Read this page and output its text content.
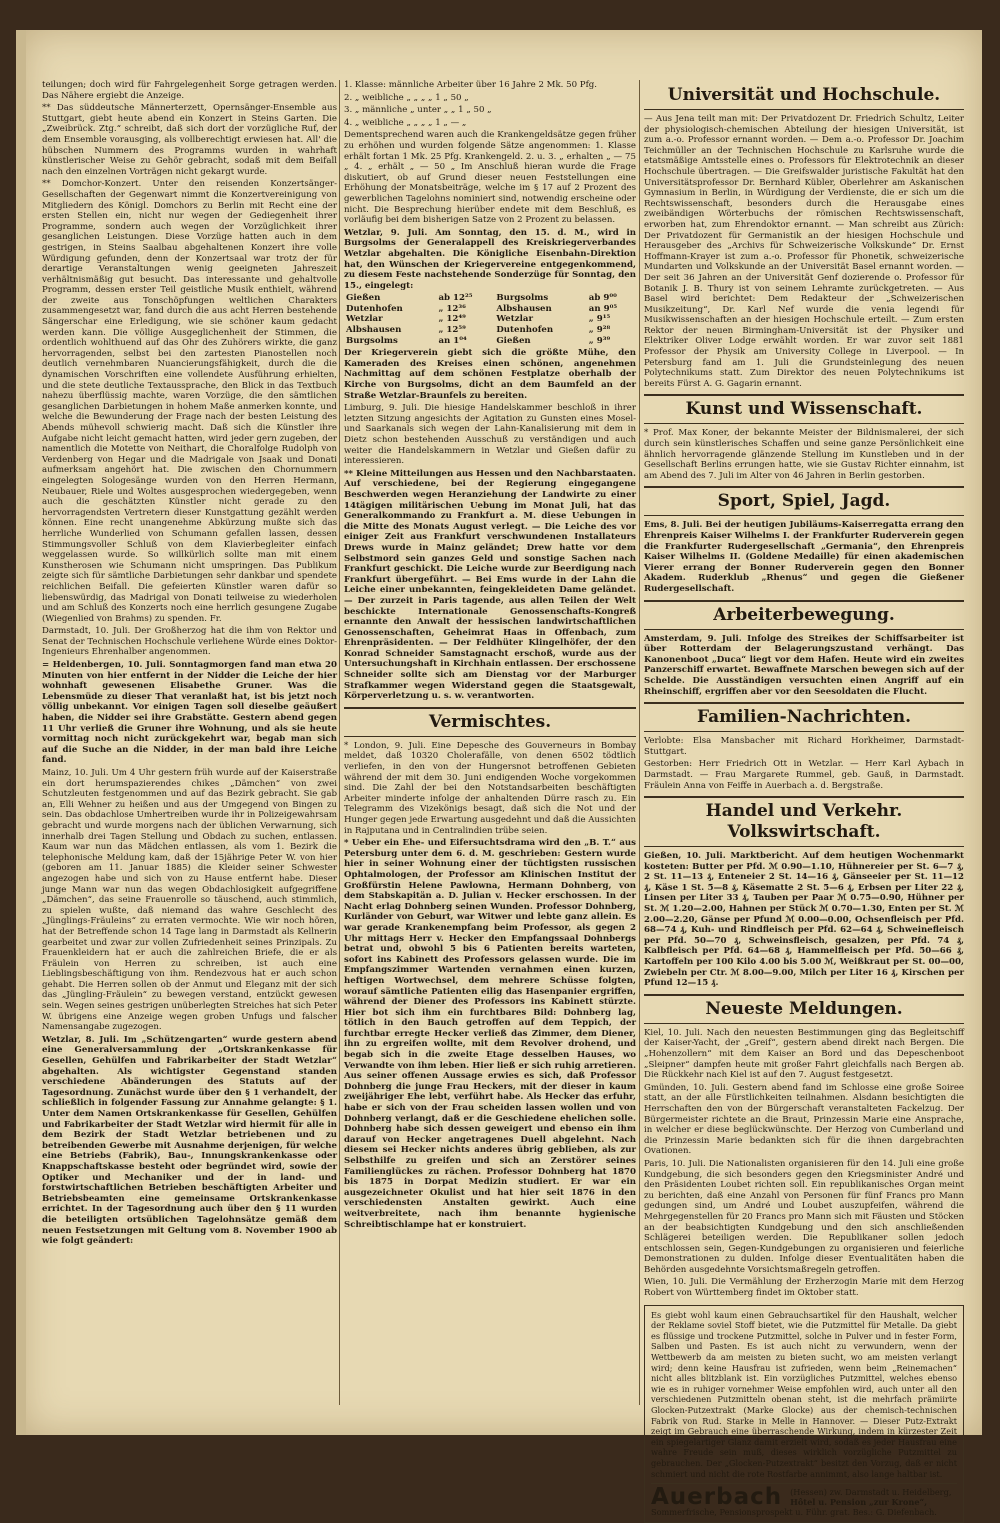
teilungen; doch wird für Fahrgelegenheit Sorge getragen werden. Das Nähere ergiebt die Anzeige.

** Das süddeutsche Männerterzett, Opernsänger-Ensemble aus Stuttgart, giebt heute abend ein Konzert in Steins Garten. Die „Zweibrück. Ztg.“ schreibt, daß sich dort der vorzügliche Ruf, der dem Ensemble vorausging, als vollberechtigt erwiesen hat. All' die hübschen Nummern des Programms wurden in wahrhaft künstlerischer Weise zu Gehör gebracht, sodaß mit dem Beifall nach den einzelnen Vorträgen nicht gekargt wurde.

** Domchor-Konzert. Unter den reisenden Konzertsänger-Gesellschaften der Gegenwart nimmt die Konzertvereinigung von Mitgliedern des Königl. Domchors zu Berlin mit Recht eine der ersten Stellen ein, nicht nur wegen der Gediegenheit ihrer Programme, sondern auch wegen der Vorzüglichkeit ihrer gesanglichen Leistungen. Diese Vorzüge hatten auch in dem gestrigen, in Steins Saalbau abgehaltenen Konzert ihre volle Würdigung gefunden, denn der Konzertsaal war trotz der für derartige Veranstaltungen wenig geeigneten Jahreszeit verhältnismäßig gut besucht. Das interessante und gehaltvolle Programm, dessen erster Teil geistliche Musik enthielt, während der zweite aus Tonschöpfungen weltlichen Charakters zusammengesetzt war, fand durch die aus acht Herren bestehende Sängerschar eine Erledigung, wie sie schöner kaum gedacht werden kann. Die völlige Ausgeglichenheit der Stimmen, die ordentlich wohlthuend auf das Ohr des Zuhörers wirkte, die ganz hervorragenden, selbst bei den zartesten Pianostellen noch deutlich vernehmbaren Nuancierungsfähigkeit, durch die die dynamischen Vorschriften eine vollendete Ausführung erhielten, und die stete deutliche Textaussprache, den Blick in das Textbuch nahezu überflüssig machte, waren Vorzüge, die den sämtlichen gesanglichen Darbietungen in hohem Maße anmerken konnte, und welche die Bewunderung der Frage nach der besten Leistung des Abends mühevoll schwierig macht. Daß sich die Künstler ihre Aufgabe nicht leicht gemacht hatten, wird jeder gern zugeben, der namentlich die Motette von Neithart, die Choralfolge Rudolph von Verdenberg von Hegar und die Madrigale von Jsaak und Donati aufmerksam angehört hat. Die zwischen den Chornummern eingelegten Sologesänge wurden von den Herren Hermann, Neubauer, Riele und Woltes ausgesprochen wiedergegeben, wenn auch die geschätzten Künstler nicht gerade zu den hervorragendsten Vertretern dieser Kunstgattung gezählt werden können. Eine recht unangenehme Abkürzung mußte sich das herrliche Wunderlied von Schumann gefallen lassen, dessen Stimmungsvoller Schluß von dem Klavierbegleiter einfach weggelassen wurde. So willkürlich sollte man mit einem Kunstherosen wie Schumann nicht umspringen. Das Publikum zeigte sich für sämtliche Darbietungen sehr dankbar und spendete reichlichen Beifall. Die gefeierten Künstler waren dafür so liebenswürdig, das Madrigal von Donati teilweise zu wiederholen und am Schluß des Konzerts noch eine herrlich gesungene Zugabe (Wiegenlied von Brahms) zu spenden. Fr.

Darmstadt, 10. Juli. Der Großherzog hat die ihm von Rektor und Senat der Technischen Hochschule verliehene Würde eines Doktor-Ingenieurs Ehrenhalber angenommen.

= Heldenbergen, 10. Juli. Sonntagmorgen fand man etwa 20 Minuten von hier entfernt in der Nidder die Leiche der hier wohnhaft gewesenen Elisabethe Gruner. Was die Lebensmüde zu dieser That veranlaßt hat, ist bis jetzt noch völlig unbekannt. Vor einigen Tagen soll dieselbe geäußert haben, die Nidder sei ihre Grabstätte. Gestern abend gegen 11 Uhr verließ die Gruner ihre Wohnung, und als sie heute vormittag noch nicht zurückgekehrt war, begab man sich auf die Suche an die Nidder, in der man bald ihre Leiche fand.

Mainz, 10. Juli. Um 4 Uhr gestern früh wurde auf der Kaiserstraße ein dort herumspazierendes chikes „Dämchen“ von zwei Schutzleuten festgenommen und auf das Bezirk gebracht. Sie gab an, Elli Wehner zu heißen und aus der Umgegend von Bingen zu sein. Das obdachlose Umhertreiben wurde ihr in Polizeigewahrsam gebracht und wurde morgens nach der üblichen Verwarnung, sich innerhalb drei Tagen Stellung und Obdach zu suchen, entlassen. Kaum war nun das Mädchen entlassen, als vom 1. Bezirk die telephonische Meldung kam, daß der 15jährige Peter W. von hier (geboren am 11. Januar 1885) die Kleider seiner Schwester angezogen habe und sich von zu Hause entfernt habe. Dieser junge Mann war nun das wegen Obdachlosigkeit aufgegriffene „Dämchen“, das seine Frauenrolle so täuschend, auch stimmlich, zu spielen wußte, daß niemand das wahre Geschlecht des „Jünglings-Fräuleins“ zu erraten vermochte. Wie wir noch hören, hat der Betreffende schon 14 Tage lang in Darmstadt als Kellnerin gearbeitet und zwar zur vollen Zufriedenheit seines Prinzipals. Zu Frauenkleidern hat er auch die zahlreichen Briefe, die er als Fräulein von Herren zu schreiben, ist auch eine Lieblingsbeschäftigung von ihm. Rendezvous hat er auch schon gehabt. Die Herren sollen ob der Anmut und Eleganz mit der sich das „Jüngling-Fräulein“ zu bewegen verstand, entzückt gewesen sein. Wegen seines gestrigen unüberlegten Streiches hat sich Peter W. übrigens eine Anzeige wegen groben Unfugs und falscher Namensangabe zugezogen.

Wetzlar, 8. Juli. Im „Schützengarten“ wurde gestern abend eine Generalversammlung der „Ortskrankenkasse für Gesellen, Gehülfen und Fabrikarbeiter der Stadt Wetzlar“ abgehalten. Als wichtigster Gegenstand standen verschiedene Abänderungen des Statuts auf der Tagesordnung. Zunächst wurde über den § 1 verhandelt, der schließlich in folgender Fassung zur Annahme gelangte: § 1. Unter dem Namen Ortskrankenkasse für Gesellen, Gehülfen und Fabrikarbeiter der Stadt Wetzlar wird hiermit für alle in dem Bezirk der Stadt Wetzlar betriebenen und zu betreibenden Gewerbe mit Ausnahme derjenigen, für welche eine Betriebs (Fabrik), Bau-, Innungskrankenkasse oder Knappschaftskasse besteht oder begründet wird, sowie der Optiker und Mechaniker und der in land- und forstwirtschaftlichen Betrieben beschäftigten Arbeiter und Betriebsbeamten eine gemeinsame Ortskrankenkasse errichtet. In der Tagesordnung auch über den § 11 wurden die beteiligten ortsüblichen Tagelohnsätze gemäß dem neuen Festsetzungen mit Geltung vom 8. November 1900 ab wie folgt geändert:

1. Klasse: männliche Arbeiter über 16 Jahre 2 Mk. 50 Pfg.

2. „ weibliche „ „ „ „ 1 „ 50 „

3. „ männliche „ unter „ „ 1 „ 50 „

4. „ weibliche „ „ „ „ 1 „ — „

Dementsprechend waren auch die Krankengeldsätze gegen früher zu erhöhen und wurden folgende Sätze angenommen: 1. Klasse erhält fortan 1 Mk. 25 Pfg. Krankengeld. 2. u. 3. „ erhalten „ — 75 „ 4. „ erhält „ — 50 „ Im Anschluß hieran wurde die Frage diskutiert, ob auf Grund dieser neuen Feststellungen eine Erhöhung der Monatsbeiträge, welche im § 17 auf 2 Prozent des gewerblichen Tagelohns nominiert sind, notwendig erscheine oder nicht. Die Besprechung hierüber endete mit dem Beschluß, es vorläufig bei dem bisherigen Satze von 2 Prozent zu belassen.

Wetzlar, 9. Juli. Am Sonntag, den 15. d. M., wird in Burgsolms der Generalappell des Kreiskriegerverbandes Wetzlar abgehalten. Die Königliche Eisenbahn-Direktion hat, den Wünschen der Kriegervereine entgegenkommend, zu diesem Feste nachstehende Sonderzüge für Sonntag, den 15., eingelegt:

Gießen	ab 12²⁵	Burgsolms	ab 9⁰⁰
Dutenhofen	„ 12³⁶	Albshausen	an 9⁰⁵
Wetzlar	„ 12⁴⁹	Wetzlar	„ 9¹⁵
Albshausen	„ 12⁵⁹	Dutenhofen	„ 9²⁸
Burgsolms	an 1⁰⁴	Gießen	„ 9³⁹

Der Kriegerverein giebt sich die größte Mühe, den Kameraden des Kreises einen schönen, angenehmen Nachmittag auf dem schönen Festplatze oberhalb der Kirche von Burgsolms, dicht an dem Baumfeld an der Straße Wetzlar-Braunfels zu bereiten.

Limburg, 9. Juli. Die hiesige Handelskammer beschloß in ihrer letzten Sitzung angesichts der Agitation zu Gunsten eines Mosel- und Saarkanals sich wegen der Lahn-Kanalisierung mit dem in Dietz schon bestehenden Ausschuß zu verständigen und auch weiter die Handelskammern in Wetzlar und Gießen dafür zu interessieren.

** Kleine Mitteilungen aus Hessen und den Nachbarstaaten. Auf verschiedene, bei der Regierung eingegangene Beschwerden wegen Heranziehung der Landwirte zu einer 14tägigen militärischen Uebung im Monat Juli, hat das Generalkommando zu Frankfurt a. M. diese Uebungen in die Mitte des Monats August verlegt. — Die Leiche des vor einiger Zeit aus Frankfurt verschwundenen Installateurs Drews wurde in Mainz geländet; Drew hatte vor dem Selbstmord sein ganzes Geld und sonstige Sachen nach Frankfurt geschickt. Die Leiche wurde zur Beerdigung nach Frankfurt übergeführt. — Bei Ems wurde in der Lahn die Leiche einer unbekannten, feingekleideten Dame geländet. — Der zurzeit in Paris tagende, aus allen Teilen der Welt beschickte Internationale Genossenschafts-Kongreß ernannte den Anwalt der hessischen landwirtschaftlichen Genossenschaften, Geheimrat Haas in Offenbach, zum Ehrenpräsidenten. — Der Feldhüter Klingelhöfer, der den Konrad Schneider Samstagnacht erschoß, wurde aus der Untersuchungshaft in Kirchhain entlassen. Der erschossene Schneider sollte sich am Dienstag vor der Marburger Strafkammer wegen Widerstand gegen die Staatsgewalt, Körperverletzung u. s. w. verantworten.

Vermischtes.

* London, 9. Juli. Eine Depesche des Gouverneurs in Bombay meldet, daß 10320 Cholerafälle, von denen 6502 tödtlich verliefen, in den von der Hungersnot betroffenen Gebieten während der mit dem 30. Juni endigenden Woche vorgekommen sind. Die Zahl der bei den Notstandsarbeiten beschäftigten Arbeiter minderte infolge der anhaltenden Dürre rasch zu. Ein Telegramm des Vizekönigs besagt, daß sich die Not und der Hunger gegen jede Erwartung ausgedehnt und daß die Aussichten in Rajputana und in Centralindien trübe seien.

* Ueber ein Ehe- und Eifersuchtsdrama wird den „B. T.“ aus Petersburg unter dem 6. d. M. geschrieben: Gestern wurde hier in seiner Wohnung einer der tüchtigsten russischen Ophtalmologen, der Professor am Klinischen Institut der Großfürstin Helene Pawlowna, Hermann Dohnberg, von dem Stabskapitän a. D. Julian v. Hecker erschossen. In der Nacht erlag Dohnberg seinen Wunden. Professor Dohnberg, Kurländer von Geburt, war Witwer und lebte ganz allein. Es war gerade Krankenempfang beim Professor, als gegen 2 Uhr mittags Herr v. Hecker den Empfangssaal Dohnbergs betrat und, obwohl 5 bis 6 Patienten bereits warteten, sofort ins Kabinett des Professors gelassen wurde. Die im Empfangszimmer Wartenden vernahmen einen kurzen, heftigen Wortwechsel, dem mehrere Schüsse folgten, worauf sämtliche Patienten eilig das Hasenpanier ergriffen, während der Diener des Professors ins Kabinett stürzte. Hier bot sich ihm ein furchtbares Bild: Dohnberg lag, tötlich in den Bauch getroffen auf dem Teppich, der furchtbar erregte Hecker verließ das Zimmer, dem Diener, ihn zu ergreifen wollte, mit dem Revolver drohend, und begab sich in die zweite Etage desselben Hauses, wo Verwandte von ihm leben. Hier ließ er sich ruhig arretieren. Aus seiner offenen Aussage erwies es sich, daß Professor Dohnberg die junge Frau Heckers, mit der dieser in kaum zweijähriger Ehe lebt, verführt habe. Als Hecker das erfuhr, habe er sich von der Frau scheiden lassen wollen und von Dohnberg verlangt, daß er die Geschiedene ehelichen solle. Dohnberg habe sich dessen geweigert und ebenso ein ihm darauf von Hecker angetragenes Duell abgelehnt. Nach diesem sei Hecker nichts anderes übrig geblieben, als zur Selbsthilfe zu greifen und sich an Zerstörer seines Familienglückes zu rächen. Professor Dohnberg hat 1870 bis 1875 in Dorpat Medizin studiert. Er war ein ausgezeichneter Okulist und hat hier seit 1876 in den verschiedensten Anstalten gewirkt. Auch eine weitverbreitete, nach ihm benannte hygienische Schreibtischlampe hat er konstruiert.

Universität und Hochschule.

— Aus Jena teilt man mit: Der Privatdozent Dr. Friedrich Schultz, Leiter der physiologisch-chemischen Abteilung der hiesigen Universität, ist zum a.-o. Professor ernannt worden. — Dem a.-o. Professor Dr. Joachim Teichmüller an der Technischen Hochschule zu Karlsruhe wurde die etatsmäßige Amtsstelle eines o. Professors für Elektrotechnik an dieser Hochschule übertragen. — Die Greifswalder juristische Fakultät hat den Universitätsprofessor Dr. Bernhard Kübler, Oberlehrer am Askanischen Gymnasium in Berlin, in Würdigung der Verdienste, die er sich um die Rechtswissenschaft, besonders durch die Herausgabe eines zweibändigen Wörterbuchs der römischen Rechtswissenschaft, erworben hat, zum Ehrendoktor ernannt. — Man schreibt aus Zürich: Der Privatdozent für Germanistik an der hiesigen Hochschule und Herausgeber des „Archivs für Schweizerische Volkskunde“ Dr. Ernst Hoffmann-Krayer ist zum a.-o. Professor für Phonetik, schweizerische Mundarten und Volkskunde an der Universität Basel ernannt worden. — Der seit 36 Jahren an der Universität Genf dozierende o. Professor für Botanik J. B. Thury ist von seinem Lehramte zurückgetreten. — Aus Basel wird berichtet: Dem Redakteur der „Schweizerischen Musikzeitung“, Dr. Karl Nef wurde die venia legendi für Musikwissenschaften an der hiesigen Hochschule erteilt. — Zum ersten Rektor der neuen Birmingham-Universität ist der Physiker und Elektriker Oliver Lodge erwählt worden. Er war zuvor seit 1881 Professor der Physik am University College in Liverpool. — In Petersburg fand am 1. Juli die Grundsteinlegung des neuen Polytechnikums statt. Zum Direktor des neuen Polytechnikums ist bereits Fürst A. G. Gagarin ernannt.

Kunst und Wissenschaft.

* Prof. Max Koner, der bekannte Meister der Bildnismalerei, der sich durch sein künstlerisches Schaffen und seine ganze Persönlichkeit eine ähnlich hervorragende glänzende Stellung im Kunstleben und in der Gesellschaft Berlins errungen hatte, wie sie Gustav Richter einnahm, ist am Abend des 7. Juli im Alter von 46 Jahren in Berlin gestorben.

Sport, Spiel, Jagd.

Ems, 8. Juli. Bei der heutigen Jubiläums-Kaiserregatta errang den Ehrenpreis Kaiser Wilhelms I. der Frankfurter Ruderverein gegen die Frankfurter Rudergesellschaft „Germania“, den Ehrenpreis Kaiser Wilhelms II. (Goldene Medaille) für einen akademischen Vierer errang der Bonner Ruderverein gegen den Bonner Akadem. Ruderklub „Rhenus“ und gegen die Gießener Rudergesellschaft.

Arbeiterbewegung.

Amsterdam, 9. Juli. Infolge des Streikes der Schiffsarbeiter ist über Rotterdam der Belagerungszustand verhängt. Das Kanonenboot „Duca“ liegt vor dem Hafen. Heute wird ein zweites Panzerschiff erwartet. Bewaffnete Marschen bewegen sich auf der Schelde. Die Ausständigen versuchten einen Angriff auf ein Rheinschiff, ergriffen aber vor den Seesoldaten die Flucht.

Familien-Nachrichten.

Verlobte: Elsa Mansbacher mit Richard Horkheimer, Darmstadt-Stuttgart.

Gestorben: Herr Friedrich Ott in Wetzlar. — Herr Karl Aybach in Darmstadt. — Frau Margarete Rummel, geb. Gauß, in Darmstadt. Fräulein Anna von Feiffe in Auerbach a. d. Bergstraße.

Handel und Verkehr. Volkswirtschaft.

Gießen, 10. Juli. Marktbericht. Auf dem heutigen Wochenmarkt kosteten: Butter per Pfd. ℳ 0.90—1.10, Hühnereier per St. 6—7 ₰, 2 St. 11—13 ₰, Enteneier 2 St. 14—16 ₰, Gänseeier per St. 11—12 ₰, Käse 1 St. 5—8 ₰, Käsematte 2 St. 5—6 ₰, Erbsen per Liter 22 ₰, Linsen per Liter 33 ₰, Tauben per Paar ℳ 0.75—0.90, Hühner per St. ℳ 1.20—2.00, Hahnen per Stück ℳ 0.70—1.30, Enten per St. ℳ 2.00—2.20, Gänse per Pfund ℳ 0.00—0.00, Ochsenfleisch per Pfd. 68—74 ₰, Kuh- und Rindfleisch per Pfd. 62—64 ₰, Schweinefleisch per Pfd. 50—70 ₰, Schweinsfleisch, gesalzen, per Pfd. 74 ₰, Kalbfleisch per Pfd. 64—68 ₰, Hammelfleisch per Pfd. 50—66 ₰, Kartoffeln per 100 Kilo 4.00 bis 5.00 ℳ, Weißkraut per St. 00—00, Zwiebeln per Ctr. ℳ 8.00—9.00, Milch per Liter 16 ₰, Kirschen per Pfund 12—15 ₰.

Neueste Meldungen.

Kiel, 10. Juli. Nach den neuesten Bestimmungen ging das Begleitschiff der Kaiser-Yacht, der „Greif“, gestern abend direkt nach Bergen. Die „Hohenzollern“ mit dem Kaiser an Bord und das Depeschenboot „Sleipner“ dampfen heute mit großer Fahrt gleichfalls nach Bergen ab. Die Rückkehr nach Kiel ist auf den 7. August festgesetzt.

Gmünden, 10. Juli. Gestern abend fand im Schlosse eine große Soiree statt, an der alle Fürstlichkeiten teilnahmen. Alsdann besichtigten die Herrschaften den von der Bürgerschaft veranstalteten Fackelzug. Der Bürgermeister richtete an die Braut, Prinzessin Marie eine Ansprache, in welcher er diese beglückwünschte. Der Herzog von Cumberland und die Prinzessin Marie bedankten sich für die ihnen dargebrachten Ovationen.

Paris, 10. Juli. Die Nationalisten organisieren für den 14. Juli eine große Kundgebung, die sich besonders gegen den Kriegsminister André und den Präsidenten Loubet richten soll. Ein republikanisches Organ meint zu berichten, daß eine Anzahl von Personen für fünf Francs pro Mann gedungen sind, um André und Loubet auszupfeifen, während die Mehrgegenstellen für 20 Francs pro Mann sich mit Fäusten und Stöcken an der beabsichtigten Kundgebung und den sich anschließenden Schlägerei beteiligen werden. Die Republikaner sollen jedoch entschlossen sein, Gegen-Kundgebungen zu organisieren und feierliche Demonstrationen zu dulden. Infolge dieser Eventualitäten haben die Behörden ausgedehnte Vorsichtsmaßregeln getroffen.

Wien, 10. Juli. Die Vermählung der Erzherzogin Marie mit dem Herzog Robert von Württemberg findet im Oktober statt.

Es giebt wohl kaum einen Gebrauchsartikel für den Haushalt, welcher der Reklame soviel Stoff bietet, wie die Putzmittel für Metalle. Da giebt es flüssige und trockene Putzmittel, solche in Pulver und in fester Form, Salben und Pasten. Es ist auch nicht zu verwundern, wenn der Wettbewerb da am meisten zu bieten sucht, wo am meisten verlangt wird; denn keine Hausfrau ist zufrieden, wenn beim „Reinemachen“ nicht alles blitzblank ist. Ein vorzügliches Putzmittel, welches ebenso wie es in ruhiger vornehmer Weise empfohlen wird, auch unter all den verschiedenen Putzmitteln obenan steht, ist die mehrfach prämiirte Glocken-Putzextrakt (Marke Glocke) aus der chemisch-technischen Fabrik von Rud. Starke in Melle in Hannover. — Dieser Putz-Extrakt zeigt im Gebrauch eine überraschende Wirkung, indem in kürzester Zeit ein spiegelartiger Glanz damit erzielt wird, sodaß es jeder Hausfrau eine wahre Freude sein muß, dieses wirklich vorzügliche Putzmittel zu gebrauchen. Der „Glocken-Putzextrakt“ besitzt den Vorzug, daß er nicht schmiert und nicht die rote Rostfarbe annimmt, also lange haltbar ist.
Auerbach (Hessen) zw. Darmstadt u. Heidelberg,
Hôtel u. Pension „zur Krone“,
Sommerfrische, Pensionsprospekt u. Führ. grat. Bes.: G. Diefenbach.
